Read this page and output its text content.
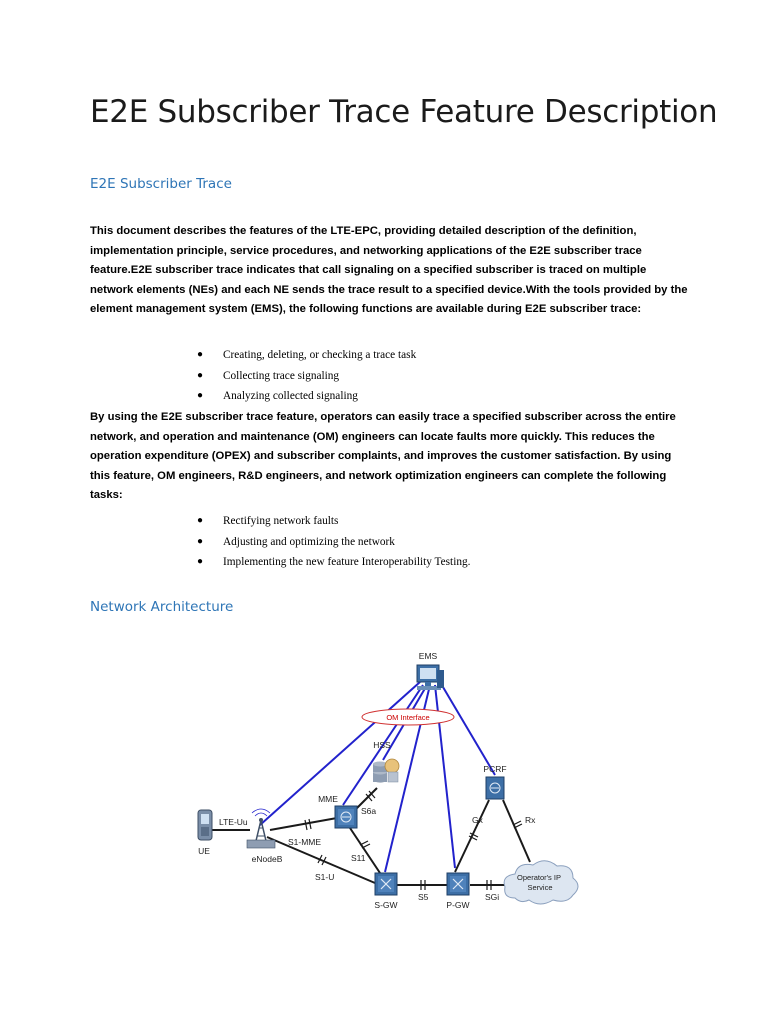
E2E Subscriber Trace Feature Description
E2E Subscriber Trace

This document describes the features of the LTE-EPC, providing detailed description of the definition, implementation principle, service procedures, and networking applications of the E2E subscriber trace feature.E2E subscriber trace indicates that call signaling on a specified subscriber is traced on multiple network elements (NEs) and each NE sends the trace result to a specified device.With the tools provided by the element management system (EMS), the following functions are available during E2E subscriber trace:

● Creating, deleting, or checking a trace task
● Collecting trace signaling
● Analyzing collected signaling

By using the E2E subscriber trace feature, operators can easily trace a specified subscriber across the entire network, and operation and maintenance (OM) engineers can locate faults more quickly. This reduces the operation expenditure (OPEX) and subscriber complaints, and improves the customer satisfaction. By using this feature, OM engineers, R&D engineers, and network optimization engineers can complete the following tasks:

● Rectifying network faults
● Adjusting and optimizing the network
● Implementing the new feature Interoperability Testing.
Network Architecture
OM Interface
EMS
HSS
PCRF
MME
UE
eNodeB
S-GW	P-GW
Operator's IP Service
LTE-Uu
S1-MME
S1-U
S6a
S11
S5	SGi
Gx	Rx
